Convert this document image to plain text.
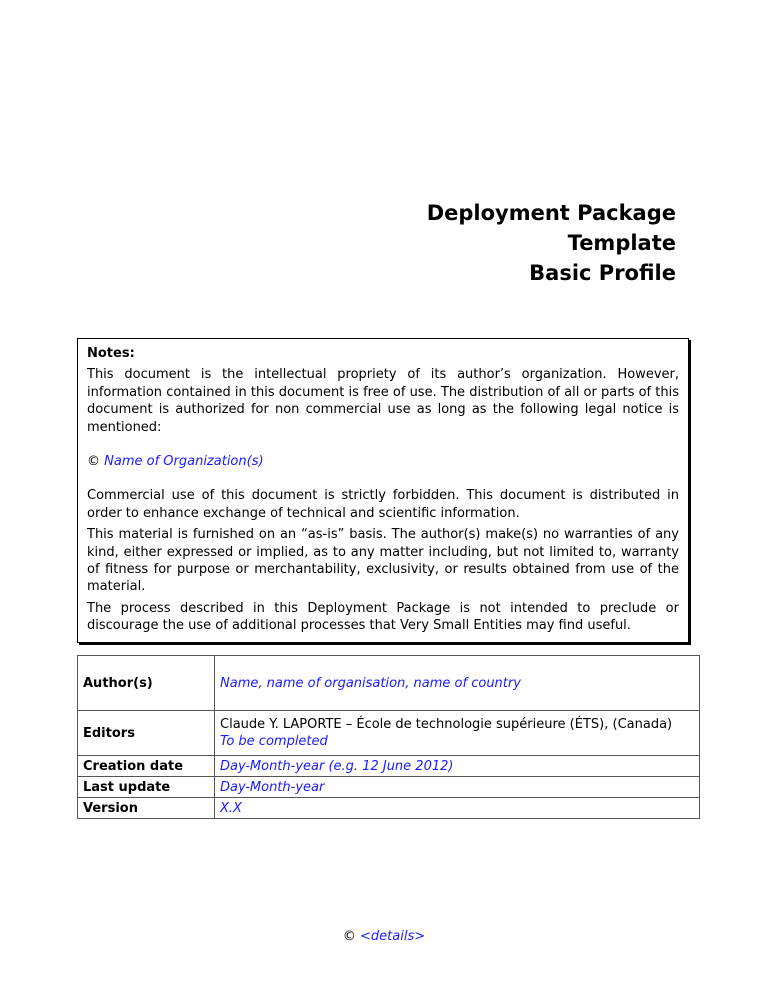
Deployment Package
Template
Basic Profile

Notes:

This document is the intellectual propriety of its author’s organization. However, information contained in this document is free of use. The distribution of all or parts of this document is authorized for non commercial use as long as the following legal notice is mentioned:

© Name of Organization(s)

Commercial use of this document is strictly forbidden. This document is distributed in order to enhance exchange of technical and scientific information.

This material is furnished on an “as-is” basis. The author(s) make(s) no warranties of any kind, either expressed or implied, as to any matter including, but not limited to, warranty of fitness for purpose or merchantability, exclusivity, or results obtained from use of the material.

The process described in this Deployment Package is not intended to preclude or discourage the use of additional processes that Very Small Entities may find useful.

Author(s)	Name, name of organisation, name of country
Editors	Claude Y. LAPORTE – École de technologie supérieure (ÉTS), (Canada)
To be completed

Creation date	Day-Month-year (e.g. 12 June 2012)
Last update	Day-Month-year
Version	X.X
© <details>
